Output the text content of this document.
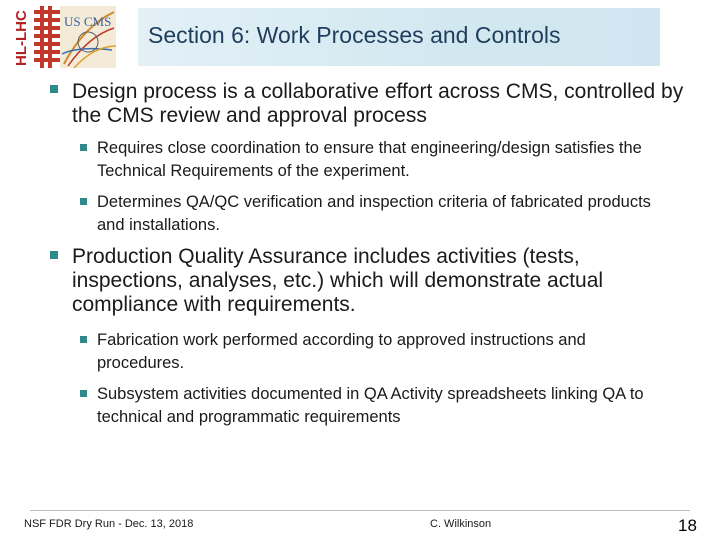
HL-LHC	US CMS
Section 6: Work Processes and Controls
Design process is a collaborative effort across CMS, controlled by the CMS review and approval process
Requires close coordination to ensure that engineering/design satisfies the Technical Requirements of the experiment.
Determines QA/QC verification and inspection criteria of fabricated products and installations.
Production Quality Assurance includes activities (tests, inspections, analyses, etc.) which will demonstrate actual compliance with requirements.
Fabrication work performed according to approved instructions and procedures.
Subsystem activities documented in QA Activity spreadsheets linking QA to technical and programmatic requirements
NSF FDR Dry Run - Dec. 13, 2018	C. Wilkinson	18
